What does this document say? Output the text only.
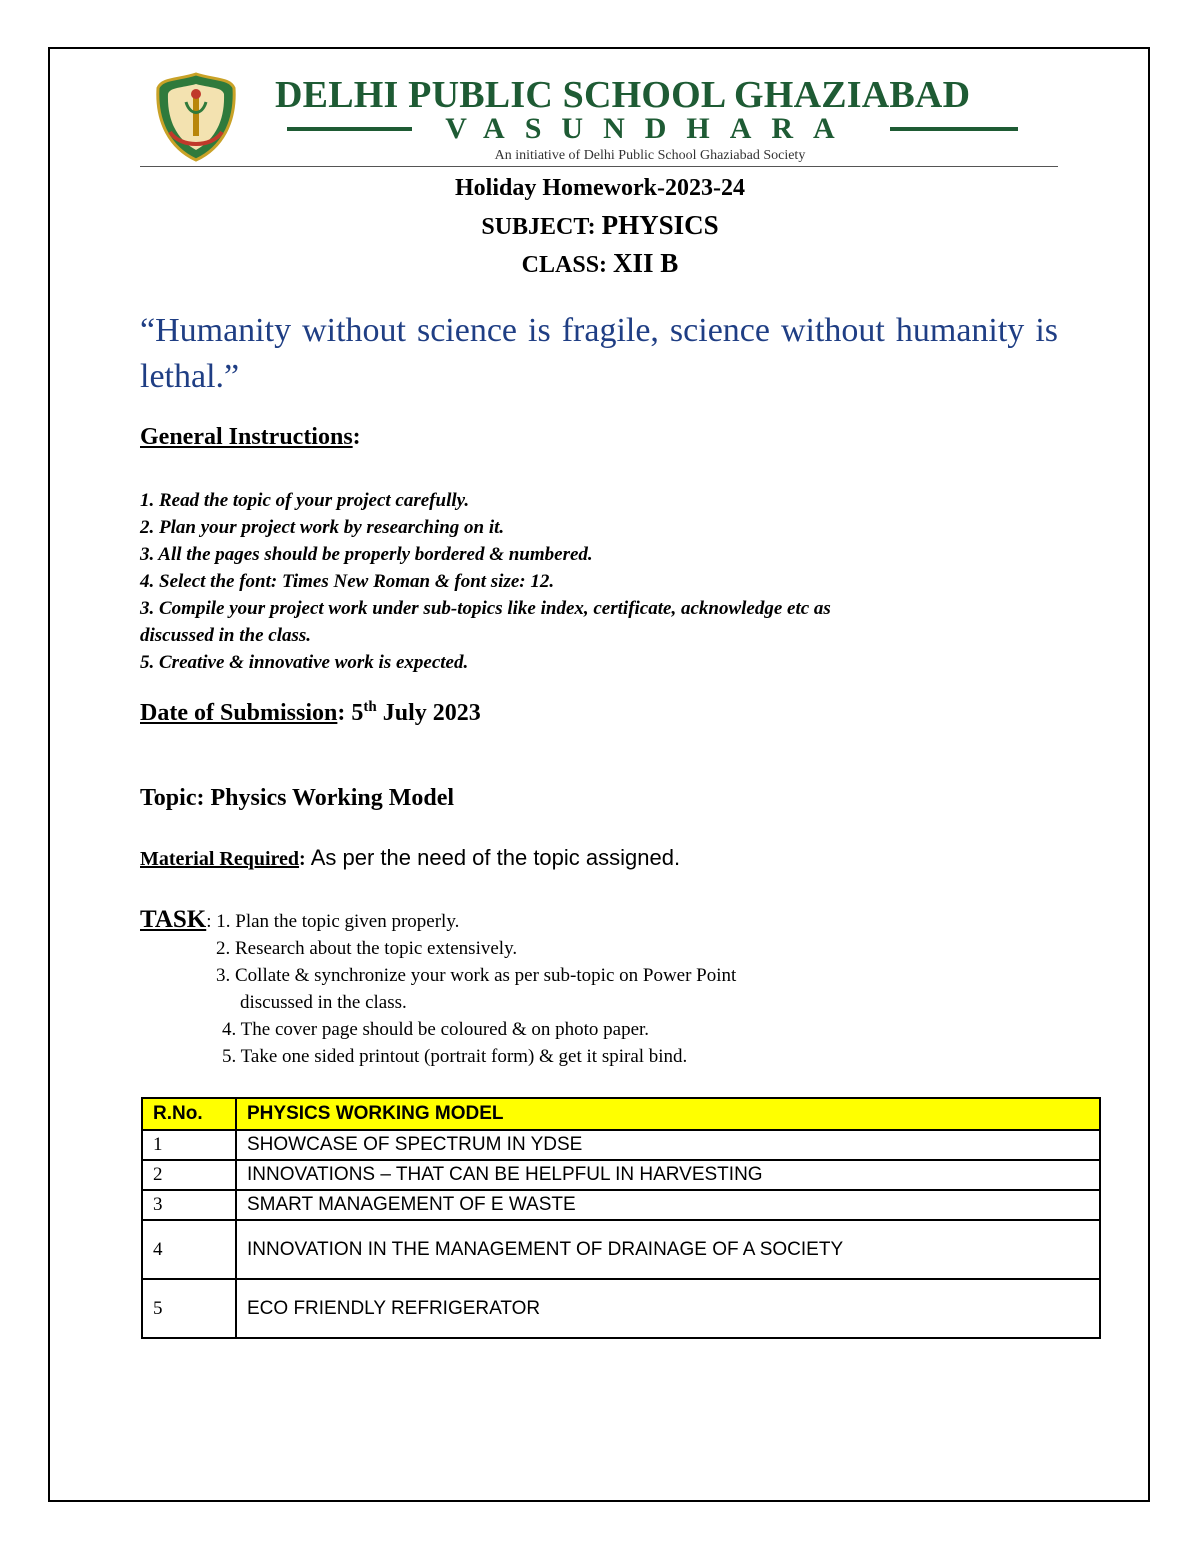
DELHI PUBLIC SCHOOL GHAZIABAD
VASUNDHARA
An initiative of Delhi Public School Ghaziabad Society
Holiday Homework-2023-24
SUBJECT: PHYSICS
CLASS: XII B
“Humanity without science is fragile, science without humanity is lethal.”
General Instructions:
1. Read the topic of your project carefully.
2. Plan your project work by researching on it.
3. All the pages should be properly bordered & numbered.
4. Select the font: Times New Roman & font size: 12.
3. Compile your project work under sub-topics like index, certificate, acknowledge etc as
discussed in the class.
5. Creative & innovative work is expected.
Date of Submission: 5th July 2023
Topic: Physics Working Model
Material Required: As per the need of the topic assigned.
TASK: 1. Plan the topic given properly.
2. Research about the topic extensively.
3. Collate & synchronize your work as per sub-topic on Power Point
discussed in the class.
4. The cover page should be coloured & on photo paper.
5. Take one sided printout (portrait form) & get it spiral bind.
R.No.	PHYSICS WORKING MODEL
1	SHOWCASE OF SPECTRUM IN YDSE
2	INNOVATIONS – THAT CAN BE HELPFUL IN HARVESTING
3	SMART MANAGEMENT OF E WASTE
4	INNOVATION IN THE MANAGEMENT OF DRAINAGE OF A SOCIETY
5	ECO FRIENDLY REFRIGERATOR
